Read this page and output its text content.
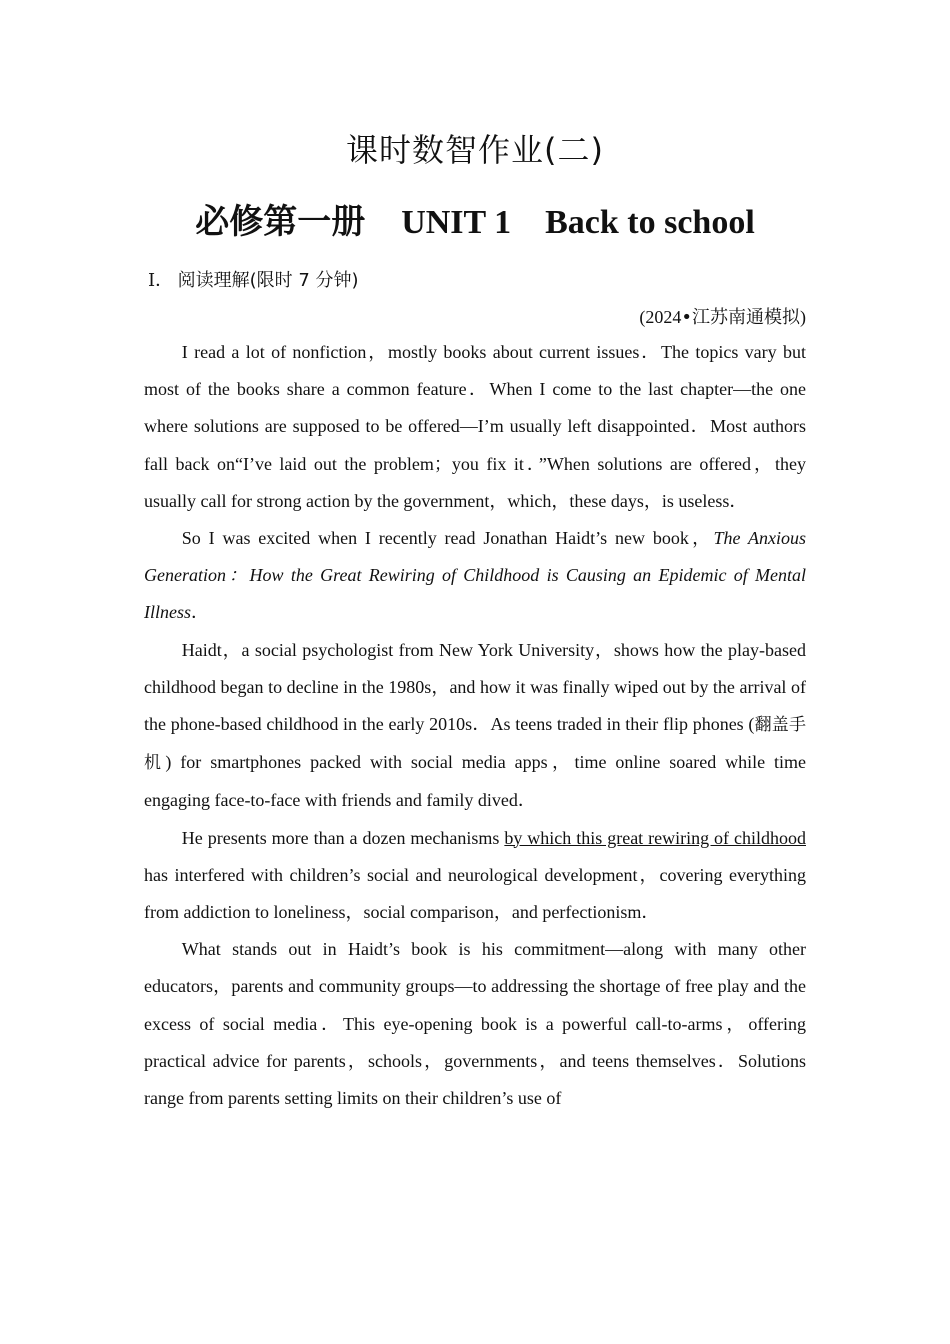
课时数智作业(二)
必修第一册 UNIT 1　Back to school
Ⅰ． 阅读理解(限时 7 分钟)
(2024•江苏南通模拟)

I read a lot of nonfiction，mostly books about current issues．The topics vary but most of the books share a common feature．When I come to the last chapter—the one where solutions are supposed to be offered—I’m usually left disappointed．Most authors fall back on“I’ve laid out the problem；you fix it．”When solutions are offered，they usually call for strong action by the government，which，these days，is useless．

So I was excited when I recently read Jonathan Haidt’s new book，The Anxious Generation：How the Great Rewiring of Childhood is Causing an Epidemic of Mental Illness．

Haidt，a social psychologist from New York University，shows how the play-based childhood began to decline in the 1980s，and how it was finally wiped out by the arrival of the phone-based childhood in the early 2010s．As teens traded in their flip phones (翻盖手机) for smartphones packed with social media apps，time online soared while time engaging face-to-face with friends and family dived．

He presents more than a dozen mechanisms by which this great rewiring of childhood has interfered with children’s social and neurological development，covering everything from addiction to loneliness，social comparison，and perfectionism．

What stands out in Haidt’s book is his commitment—along with many other educators，parents and community groups—to addressing the shortage of free play and the excess of social media．This eye-opening book is a powerful call-to-arms，offering practical advice for parents，schools，governments，and teens themselves．Solutions range from parents setting limits on their children’s use of
